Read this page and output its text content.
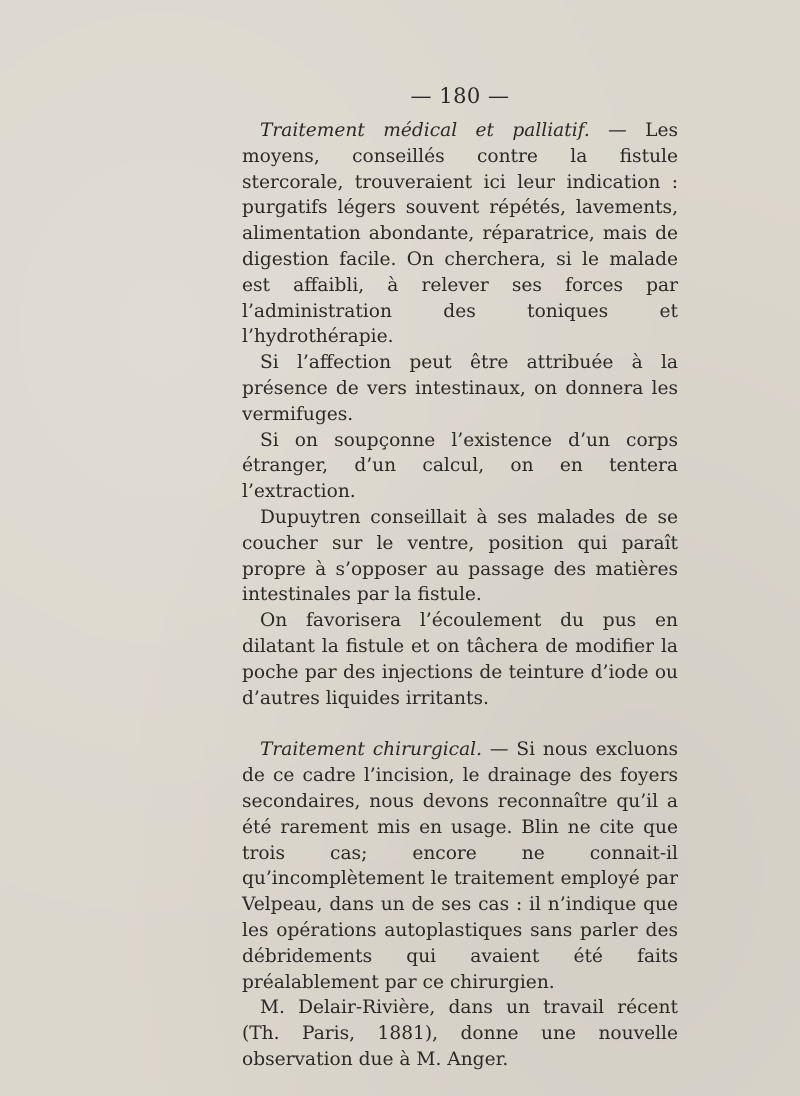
— 180 —

Traitement médical et palliatif. — Les moyens, conseillés contre la fistule stercorale, trouveraient ici leur indication : purgatifs légers souvent répétés, lavements, alimentation abondante, réparatrice, mais de digestion facile. On cherchera, si le malade est affaibli, à relever ses forces par l’administration des toniques et l’hydrothérapie.

Si l’affection peut être attribuée à la présence de vers intestinaux, on donnera les vermifuges.

Si on soupçonne l’existence d’un corps étranger, d’un calcul, on en tentera l’extraction.

Dupuytren conseillait à ses malades de se coucher sur le ventre, position qui paraît propre à s’opposer au passage des matières intestinales par la fistule.

On favorisera l’écoulement du pus en dilatant la fistule et on tâchera de modifier la poche par des injections de teinture d’iode ou d’autres liquides irritants.

Traitement chirurgical. — Si nous excluons de ce cadre l’incision, le drainage des foyers secondaires, nous devons reconnaître qu’il a été rarement mis en usage. Blin ne cite que trois cas; encore ne connait-il qu’incomplètement le traitement employé par Velpeau, dans un de ses cas : il n’indique que les opérations autoplastiques sans parler des débridements qui avaient été faits préalablement par ce chirurgien.

M. Delair-Rivière, dans un travail récent (Th. Paris, 1881), donne une nouvelle observation due à M. Anger.
